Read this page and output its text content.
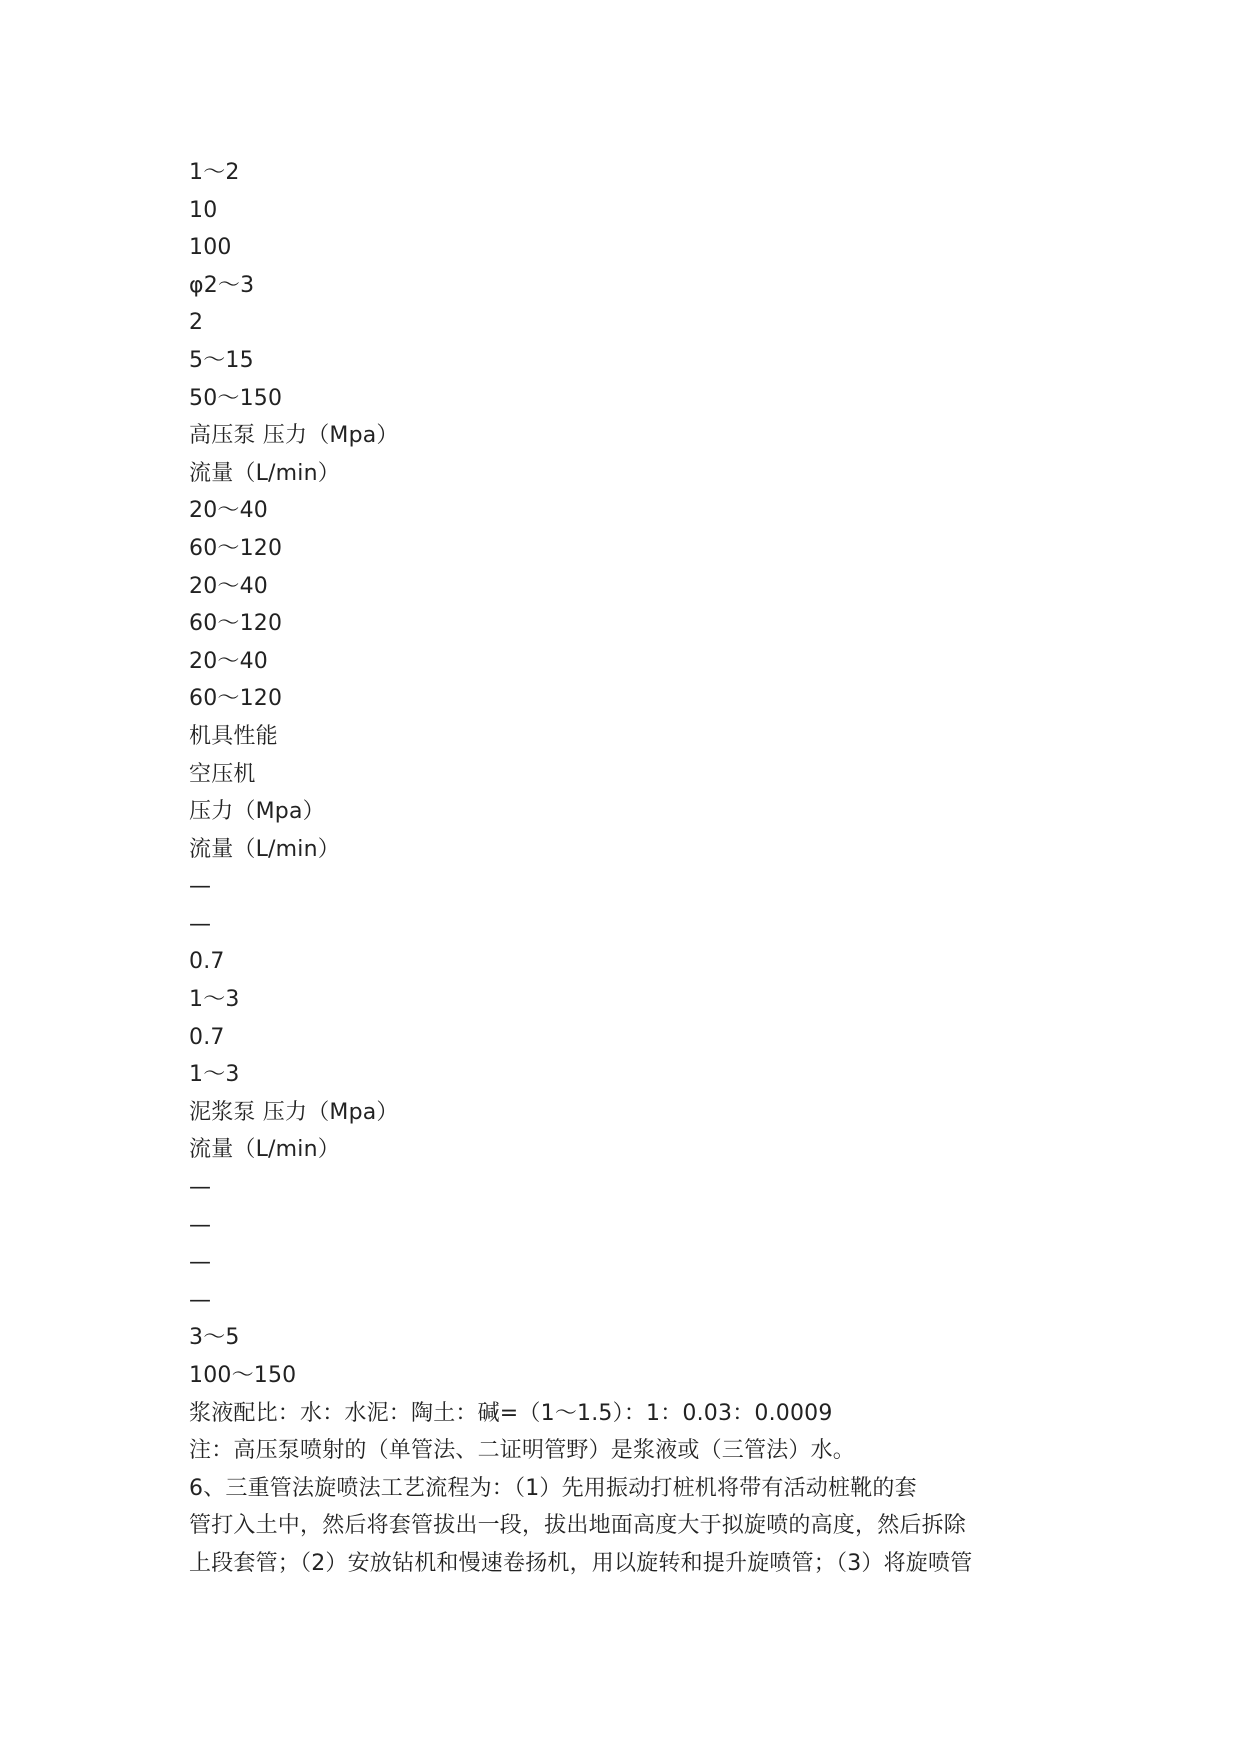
1～2
10
100
φ2～3
2
5～15
50～150
高压泵 压力（Mpa）
流量（L/min）
20～40
60～120
20～40
60～120
20～40
60～120
机具性能
空压机
压力（Mpa）
流量（L/min）
—
—
0.7
1～3
0.7
1～3
泥浆泵 压力（Mpa）
流量（L/min）
—
—
—
—
3～5
100～150
浆液配比：水：水泥：陶土：碱=（1～1.5）：1：0.03：0.0009
注：高压泵喷射的（单管法、二证明管野）是浆液或（三管法）水。
6、三重管法旋喷法工艺流程为：（1）先用振动打桩机将带有活动桩靴的套
管打入土中，然后将套管拔出一段，拔出地面高度大于拟旋喷的高度，然后拆除
上段套管；（2）安放钻机和慢速卷扬机，用以旋转和提升旋喷管；（3）将旋喷管
